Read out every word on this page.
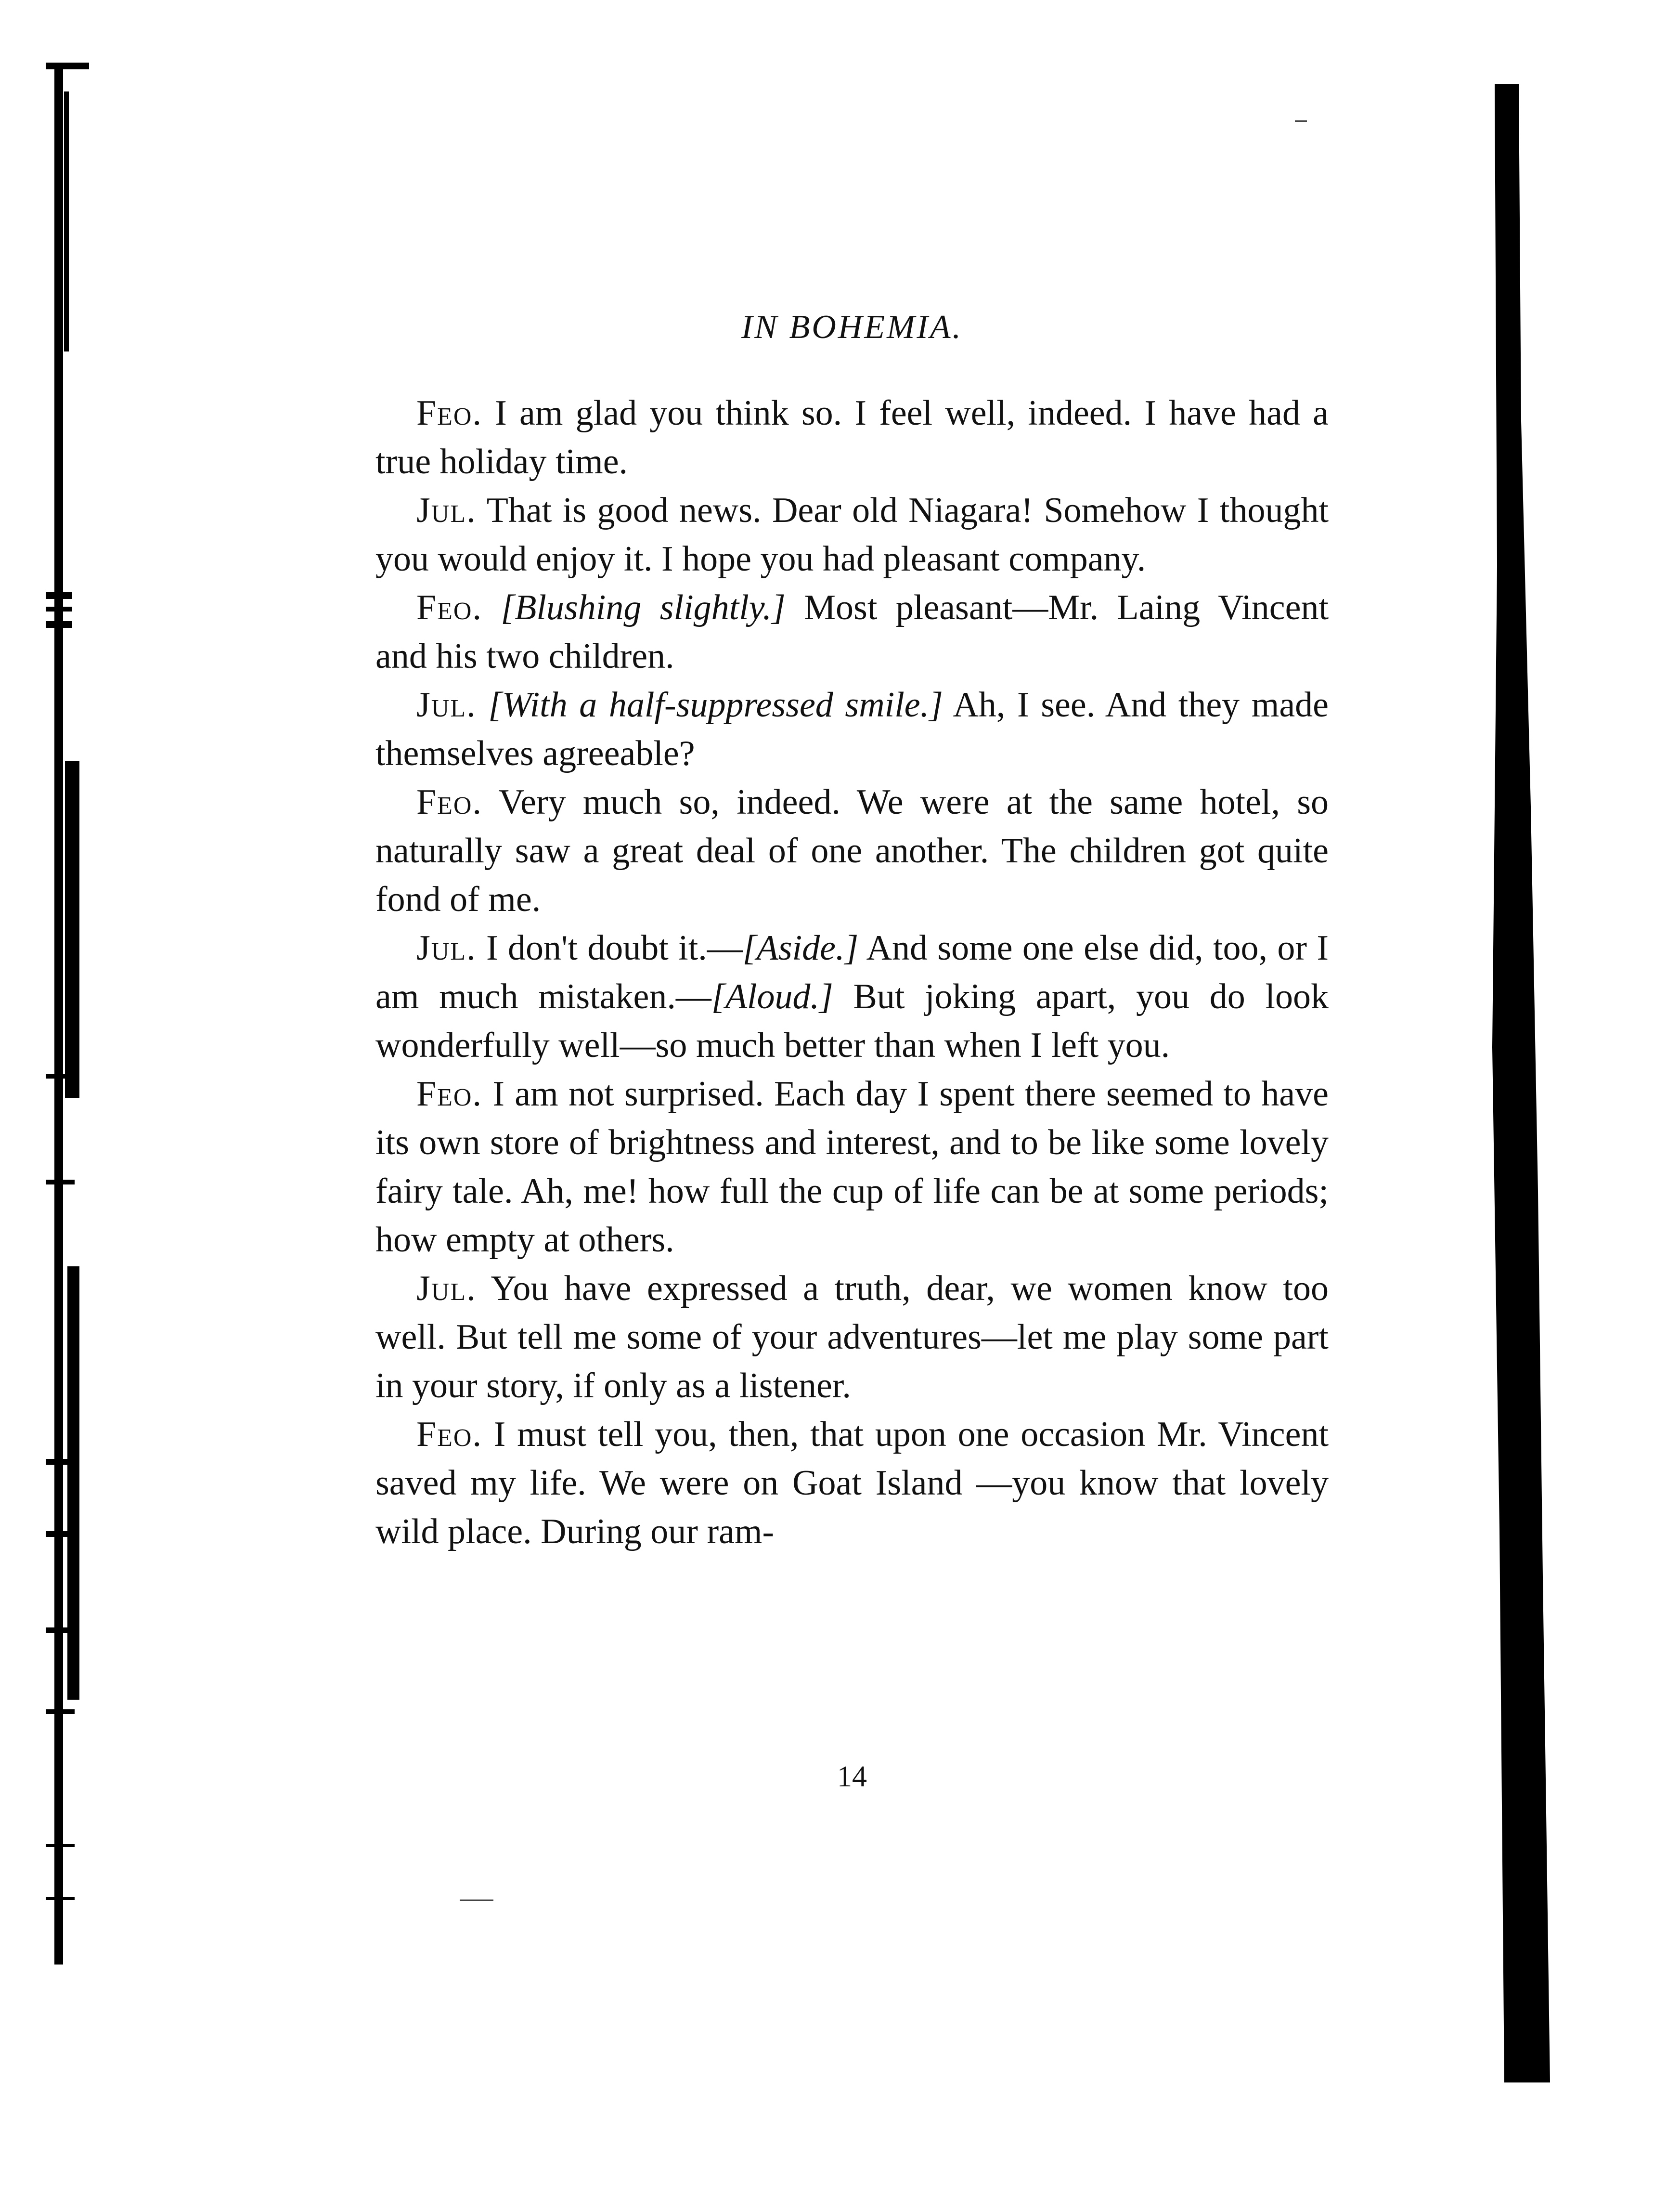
IN BOHEMIA.

Feo. I am glad you think so. I feel well, indeed. I have had a true holiday time.

Jul. That is good news. Dear old Niagara! Somehow I thought you would enjoy it. I hope you had pleasant company.

Feo. [Blushing slightly.] Most pleasant—Mr. Laing Vincent and his two children.

Jul. [With a half-suppressed smile.] Ah, I see. And they made themselves agreeable?

Feo. Very much so, indeed. We were at the same hotel, so naturally saw a great deal of one another. The children got quite fond of me.

Jul. I don't doubt it.—[Aside.] And some one else did, too, or I am much mistaken.—[Aloud.] But joking apart, you do look wonderfully well—so much better than when I left you.

Feo. I am not surprised. Each day I spent there seemed to have its own store of brightness and interest, and to be like some lovely fairy tale. Ah, me! how full the cup of life can be at some periods; how empty at others.

Jul. You have expressed a truth, dear, we women know too well. But tell me some of your adventures—let me play some part in your story, if only as a listener.

Feo. I must tell you, then, that upon one occasion Mr. Vincent saved my life. We were on Goat Island —you know that lovely wild place. During our ram-

14
